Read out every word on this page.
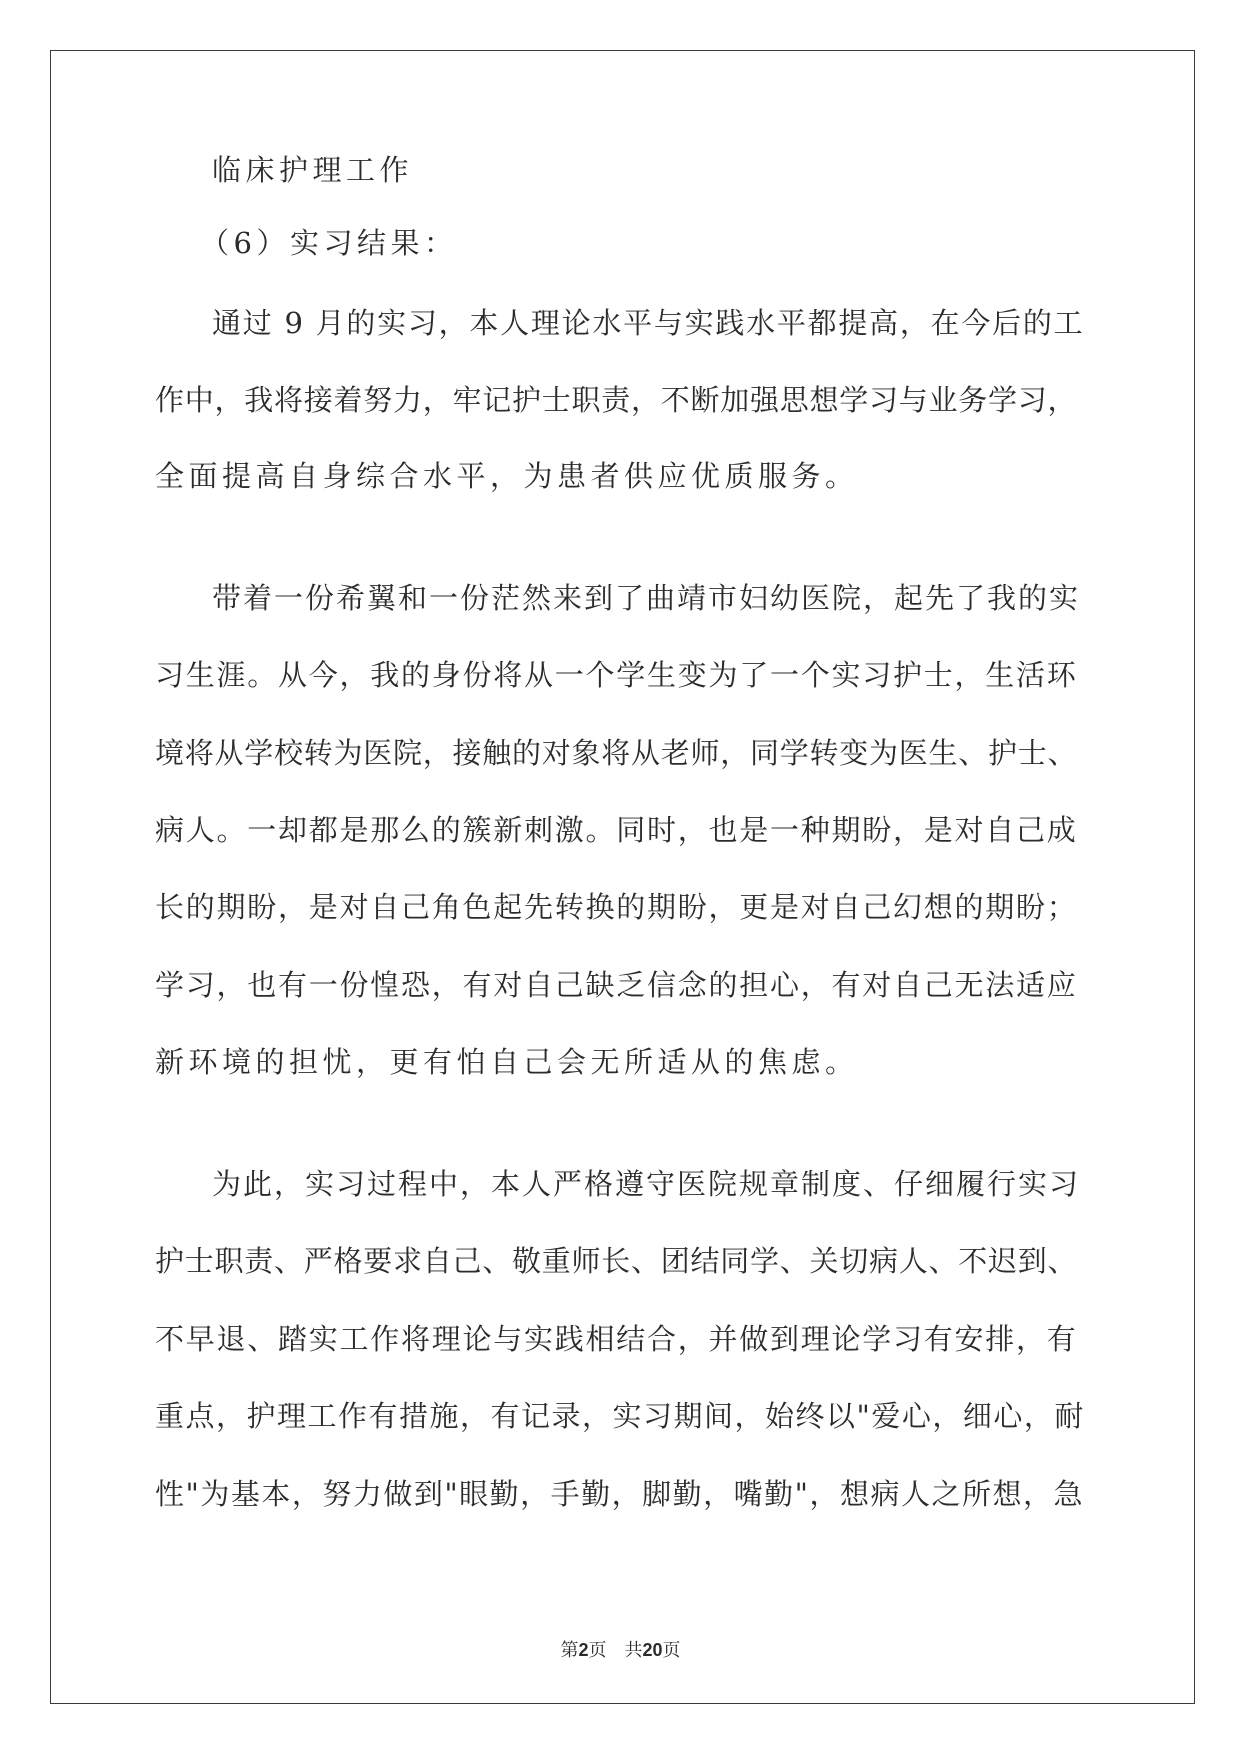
临床护理工作
（6）实习结果：
通过 9 月的实习，本人理论水平与实践水平都提高，在今后的工
作中，我将接着努力，牢记护士职责，不断加强思想学习与业务学习，
全面提高自身综合水平，为患者供应优质服务。
带着一份希翼和一份茫然来到了曲靖市妇幼医院，起先了我的实
习生涯。从今，我的身份将从一个学生变为了一个实习护士，生活环
境将从学校转为医院，接触的对象将从老师，同学转变为医生、护士、
病人。一却都是那么的簇新刺激。同时，也是一种期盼，是对自己成
长的期盼，是对自己角色起先转换的期盼，更是对自己幻想的期盼；
学习，也有一份惶恐，有对自己缺乏信念的担心，有对自己无法适应
新环境的担忧，更有怕自己会无所适从的焦虑。
为此，实习过程中，本人严格遵守医院规章制度、仔细履行实习
护士职责、严格要求自己、敬重师长、团结同学、关切病人、不迟到、
不早退、踏实工作将理论与实践相结合，并做到理论学习有安排，有
重点，护理工作有措施，有记录，实习期间，始终以"爱心，细心，耐
性"为基本，努力做到"眼勤，手勤，脚勤，嘴勤"，想病人之所想，急
第2页　共20页
